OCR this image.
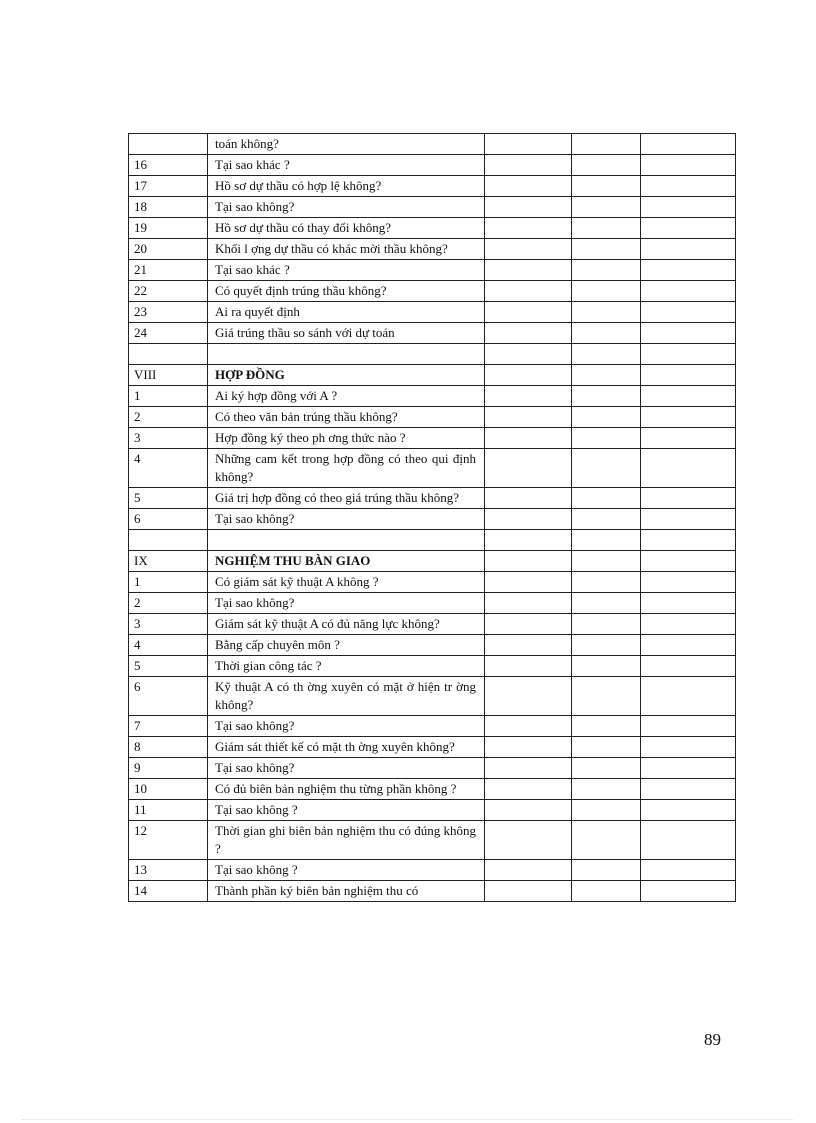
	toán không?			
16	Tại sao khác ?			
17	Hồ sơ dự thầu có hợp lệ không?			
18	Tại sao không?			
19	Hồ sơ dự thầu có thay đổi không?			
20	Khối l ợng dự thầu có khác mời thầu không?			
21	Tại sao khác ?			
22	Có quyết định trúng thầu không?			
23	Ai ra quyết định			
24	Giá trúng thầu so sánh với dự toán			

VIII	HỢP ĐỒNG			
1	Ai ký hợp đồng với A ?			
2	Có theo văn bản trúng thầu không?			
3	Hợp đồng ký theo ph ơng thức nào ?			
4	Những cam kết trong hợp đồng có theo qui định không?			
5	Giá trị hợp đồng có theo giá trúng thầu không?			
6	Tại sao không?			

IX	NGHIỆM THU BÀN GIAO			
1	Có giám sát kỹ thuật A không ?			
2	Tại sao không?			
3	Giám sát kỹ thuật A có đủ năng lực không?			
4	Bằng cấp chuyên môn ?			
5	Thời gian công tác ?			
6	Kỹ thuật A có th ờng xuyên có mặt ở hiện tr ờng không?			
7	Tại sao không?			
8	Giám sát thiết kế có mặt th ờng xuyên không?			
9	Tại sao không?			
10	Có đủ biên bản nghiệm thu từng phần không ?			
11	Tại sao không ?			
12	Thời gian ghi biên bản nghiệm thu có đúng không ?			
13	Tại sao không ?			
14	Thành phần ký biên bản nghiệm thu có			
89
